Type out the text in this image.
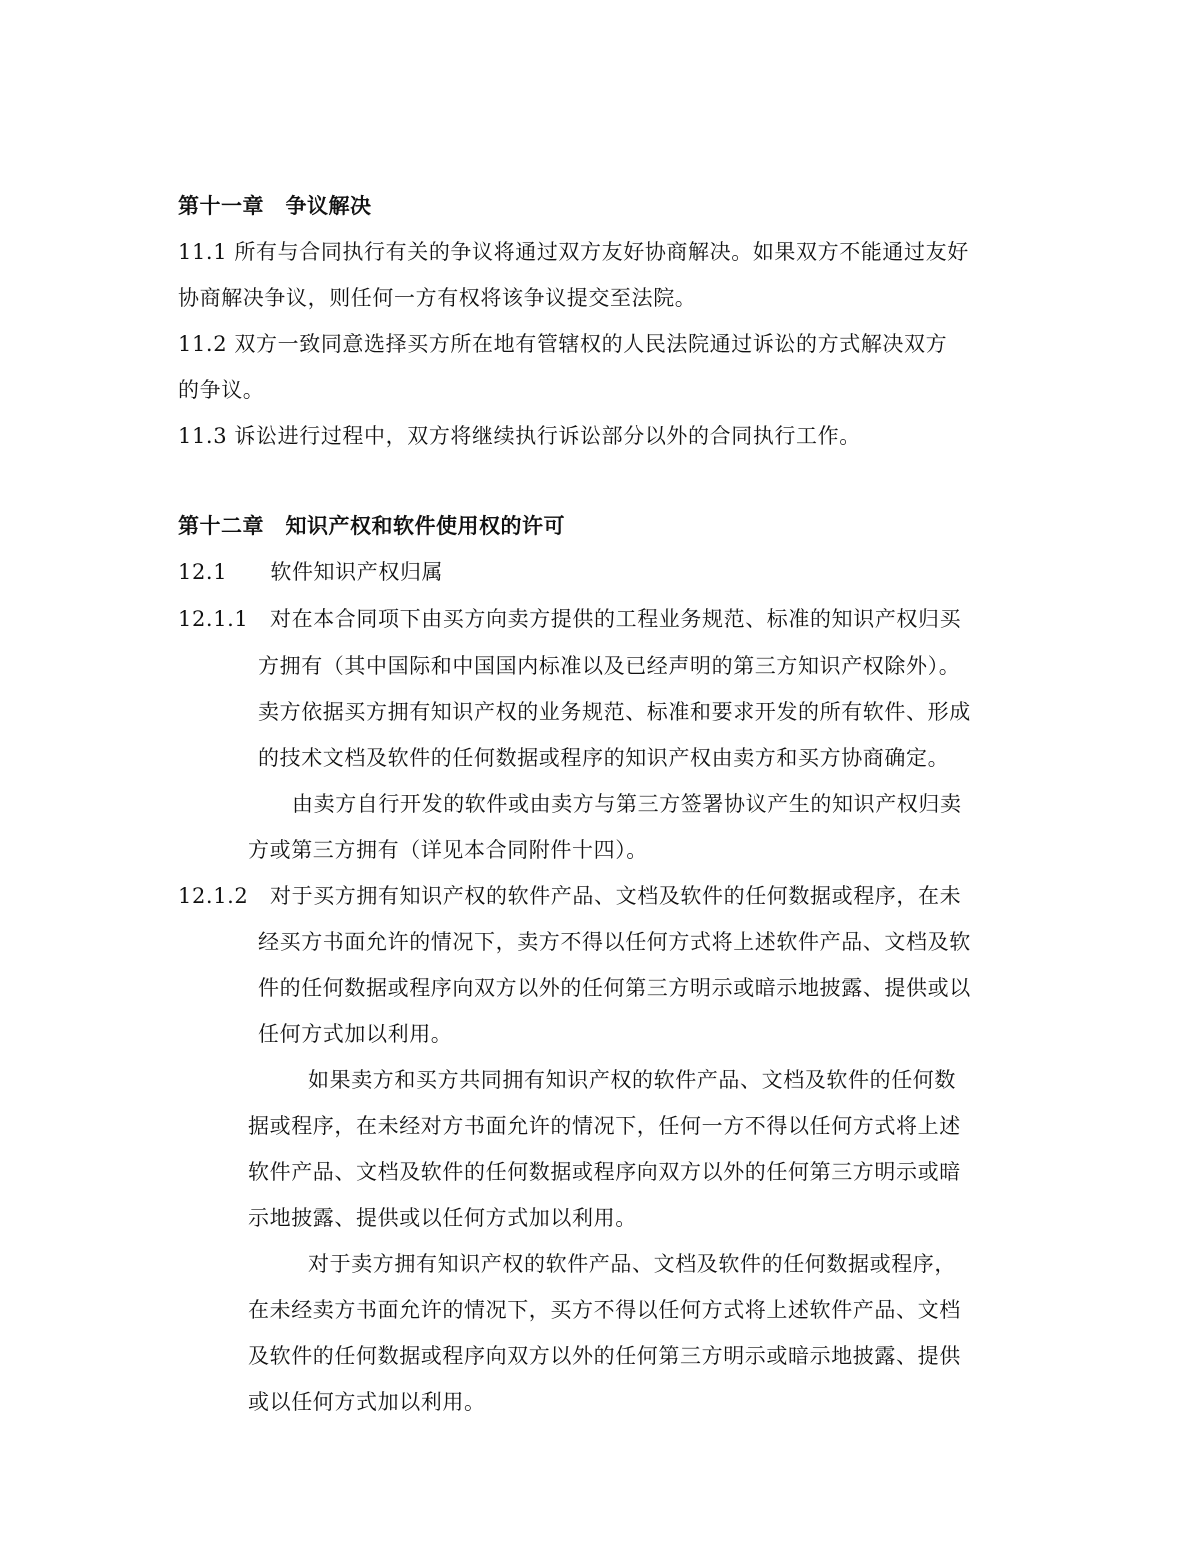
第十一章　争议解决
11.1 所有与合同执行有关的争议将通过双方友好协商解决。如果双方不能通过友好
协商解决争议，则任何一方有权将该争议提交至法院。
11.2 双方一致同意选择买方所在地有管辖权的人民法院通过诉讼的方式解决双方
的争议。
11.3 诉讼进行过程中，双方将继续执行诉讼部分以外的合同执行工作。
第十二章　知识产权和软件使用权的许可
12.1　　软件知识产权归属
12.1.1　对在本合同项下由买方向卖方提供的工程业务规范、标准的知识产权归买
方拥有（其中国际和中国国内标准以及已经声明的第三方知识产权除外）。
卖方依据买方拥有知识产权的业务规范、标准和要求开发的所有软件、形成
的技术文档及软件的任何数据或程序的知识产权由卖方和买方协商确定。
由卖方自行开发的软件或由卖方与第三方签署协议产生的知识产权归卖
方或第三方拥有（详见本合同附件十四）。
12.1.2　对于买方拥有知识产权的软件产品、文档及软件的任何数据或程序，在未
经买方书面允许的情况下，卖方不得以任何方式将上述软件产品、文档及软
件的任何数据或程序向双方以外的任何第三方明示或暗示地披露、提供或以
任何方式加以利用。
如果卖方和买方共同拥有知识产权的软件产品、文档及软件的任何数
据或程序，在未经对方书面允许的情况下，任何一方不得以任何方式将上述
软件产品、文档及软件的任何数据或程序向双方以外的任何第三方明示或暗
示地披露、提供或以任何方式加以利用。
对于卖方拥有知识产权的软件产品、文档及软件的任何数据或程序，
在未经卖方书面允许的情况下，买方不得以任何方式将上述软件产品、文档
及软件的任何数据或程序向双方以外的任何第三方明示或暗示地披露、提供
或以任何方式加以利用。
